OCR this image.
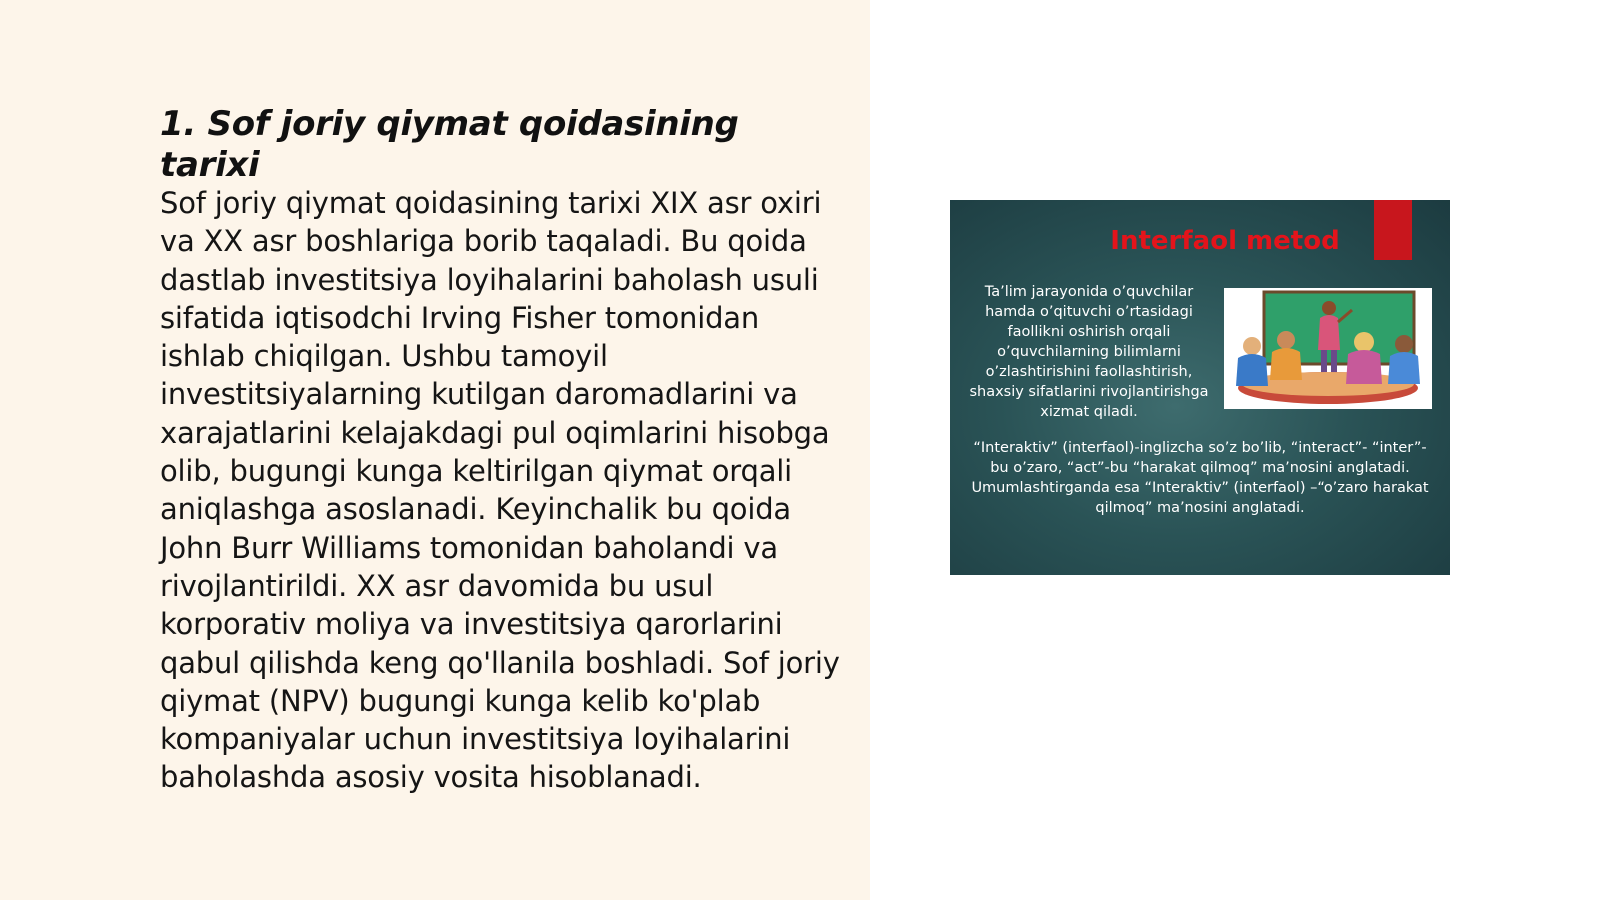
1. Sof joriy qiymat qoidasining tarixi

Sof joriy qiymat qoidasining tarixi XIX asr oxiri va XX asr boshlariga borib taqaladi. Bu qoida dastlab investitsiya loyihalarini baholash usuli sifatida iqtisodchi Irving Fisher tomonidan ishlab chiqilgan. Ushbu tamoyil investitsiyalarning kutilgan daromadlarini va xarajatlarini kelajakdagi pul oqimlarini hisobga olib, bugungi kunga keltirilgan qiymat orqali aniqlashga asoslanadi. Keyinchalik bu qoida John Burr Williams tomonidan baholandi va rivojlantirildi. XX asr davomida bu usul korporativ moliya va investitsiya qarorlarini qabul qilishda keng qo'llanila boshladi. Sof joriy qiymat (NPV) bugungi kunga kelib ko'plab kompaniyalar uchun investitsiya loyihalarini baholashda asosiy vosita hisoblanadi.

Interfaol metod
Ta’lim jarayonida o’quvchilar hamda o’qituvchi o’rtasidagi faollikni oshirish orqali o’quvchilarning bilimlarni o’zlashtirishini faollashtirish, shaxsiy sifatlarini rivojlantirishga xizmat qiladi.
“Interaktiv” (interfaol)-inglizcha so’z bo’lib, “interact”- “inter”-bu o’zaro, “act”-bu “harakat qilmoq” ma’nosini anglatadi. Umumlashtirganda esa “Interaktiv” (interfaol) –“o’zaro harakat qilmoq” ma’nosini anglatadi.
